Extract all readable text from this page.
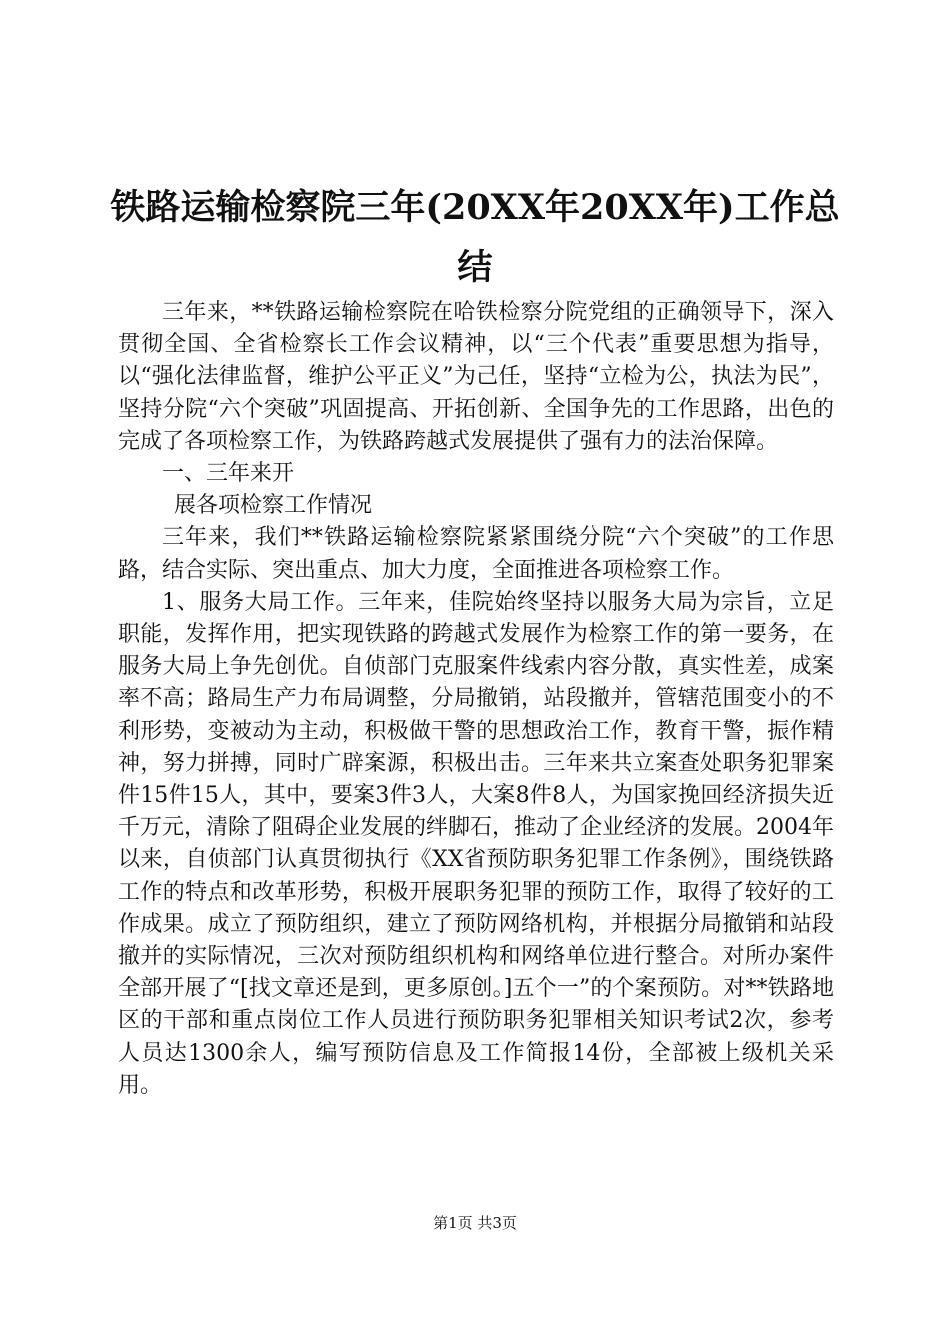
铁路运输检察院三年(20XX年20XX年)工作总
结

三年来，**铁路运输检察院在哈铁检察分院党组的正确领导下，深入贯彻全国、全省检察长工作会议精神，以“三个代表”重要思想为指导，以“强化法律监督，维护公平正义”为己任，坚持“立检为公，执法为民”，坚持分院“六个突破”巩固提高、开拓创新、全国争先的工作思路，出色的完成了各项检察工作，为铁路跨越式发展提供了强有力的法治保障。

一、三年来开

展各项检察工作情况

三年来，我们**铁路运输检察院紧紧围绕分院“六个突破”的工作思路，结合实际、突出重点、加大力度，全面推进各项检察工作。

1、服务大局工作。三年来，佳院始终坚持以服务大局为宗旨，立足职能，发挥作用，把实现铁路的跨越式发展作为检察工作的第一要务，在服务大局上争先创优。自侦部门克服案件线索内容分散，真实性差，成案率不高；路局生产力布局调整，分局撤销，站段撤并，管辖范围变小的不利形势，变被动为主动，积极做干警的思想政治工作，教育干警，振作精神，努力拼搏，同时广辟案源，积极出击。三年来共立案查处职务犯罪案件15件15人，其中，要案3件3人，大案8件8人，为国家挽回经济损失近千万元，清除了阻碍企业发展的绊脚石，推动了企业经济的发展。2004年以来，自侦部门认真贯彻执行《XX省预防职务犯罪工作条例》，围绕铁路工作的特点和改革形势，积极开展职务犯罪的预防工作，取得了较好的工作成果。成立了预防组织，建立了预防网络机构，并根据分局撤销和站段撤并的实际情况，三次对预防组织机构和网络单位进行整合。对所办案件全部开展了“[找文章还是到，更多原创。]五个一”的个案预防。对**铁路地区的干部和重点岗位工作人员进行预防职务犯罪相关知识考试2次，参考人员达1300余人，编写预防信息及工作简报14份，全部被上级机关采用。

第1页 共3页
